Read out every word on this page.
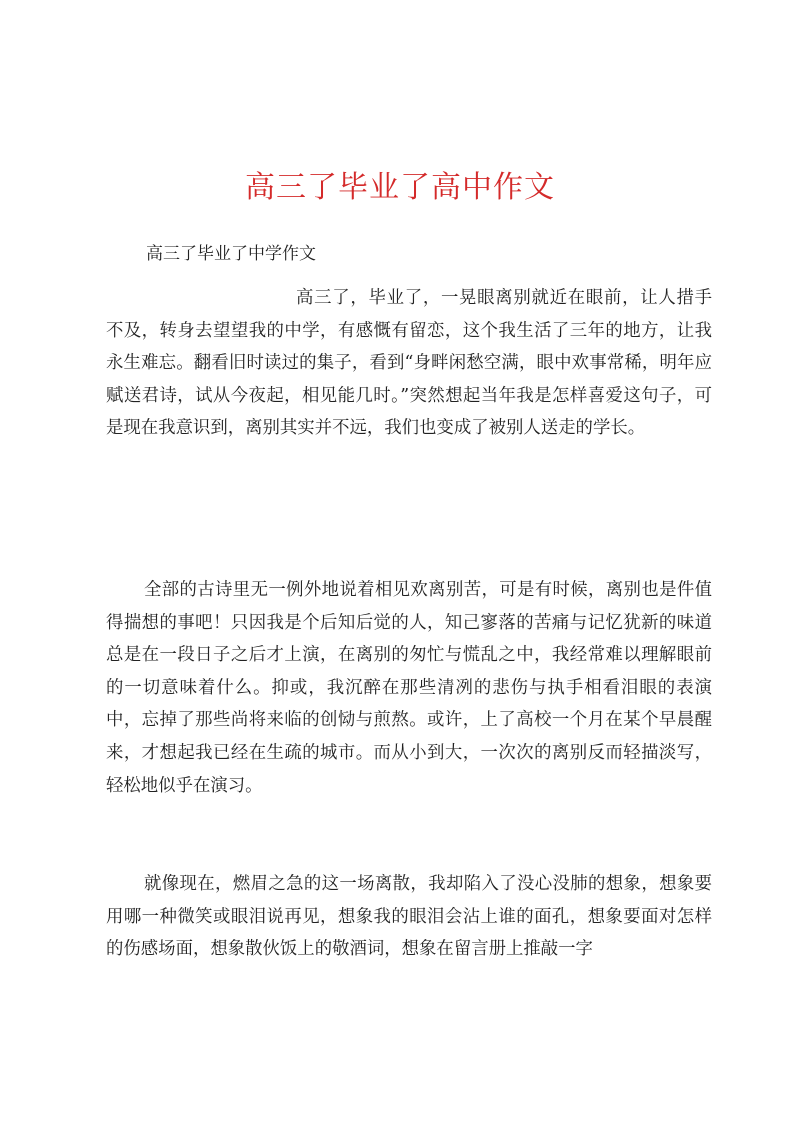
高三了毕业了高中作文
高三了毕业了中学作文

高三了，毕业了，一晃眼离别就近在眼前，让人措手不及，转身去望望我的中学，有感慨有留恋，这个我生活了三年的地方，让我永生难忘。翻看旧时读过的集子，看到“身畔闲愁空满，眼中欢事常稀，明年应赋送君诗，试从今夜起，相见能几时。”突然想起当年我是怎样喜爱这句子，可是现在我意识到，离别其实并不远，我们也变成了被别人送走的学长。

全部的古诗里无一例外地说着相见欢离别苦，可是有时候，离别也是件值得揣想的事吧！只因我是个后知后觉的人，知己寥落的苦痛与记忆犹新的味道总是在一段日子之后才上演，在离别的匆忙与慌乱之中，我经常难以理解眼前的一切意味着什么。抑或，我沉醉在那些清冽的悲伤与执手相看泪眼的表演中，忘掉了那些尚将来临的创恸与煎熬。或许，上了高校一个月在某个早晨醒来，才想起我已经在生疏的城市。而从小到大，一次次的离别反而轻描淡写，轻松地似乎在演习。

就像现在，燃眉之急的这一场离散，我却陷入了没心没肺的想象，想象要用哪一种微笑或眼泪说再见，想象我的眼泪会沾上谁的面孔，想象要面对怎样的伤感场面，想象散伙饭上的敬酒词，想象在留言册上推敲一字
